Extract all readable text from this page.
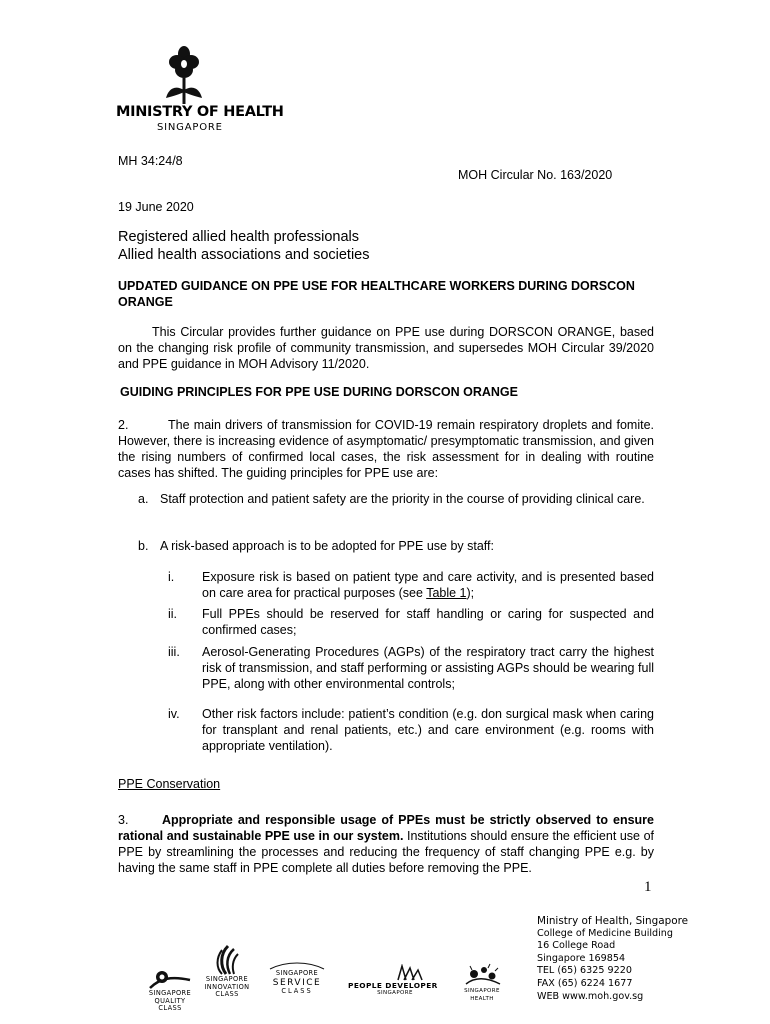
MINISTRY OF HEALTH
SINGAPORE
MH 34:24/8
MOH Circular No. 163/2020
19 June 2020
Registered allied health professionals
Allied health associations and societies
UPDATED GUIDANCE ON PPE USE FOR HEALTHCARE WORKERS DURING DORSCON ORANGE
This Circular provides further guidance on PPE use during DORSCON ORANGE, based on the changing risk profile of community transmission, and supersedes MOH Circular 39/2020 and PPE guidance in MOH Advisory 11/2020.
GUIDING PRINCIPLES FOR PPE USE DURING DORSCON ORANGE
2.	The main drivers of transmission for COVID-19 remain respiratory droplets and fomite. However, there is increasing evidence of asymptomatic/ presymptomatic transmission, and given the rising numbers of confirmed local cases, the risk assessment for in dealing with routine cases has shifted. The guiding principles for PPE use are:
a. Staff protection and patient safety are the priority in the course of providing clinical care.
b. A risk-based approach is to be adopted for PPE use by staff:
i. Exposure risk is based on patient type and care activity, and is presented based on care area for practical purposes (see Table 1);
ii. Full PPEs should be reserved for staff handling or caring for suspected and confirmed cases;
iii. Aerosol-Generating Procedures (AGPs) of the respiratory tract carry the highest risk of transmission, and staff performing or assisting AGPs should be wearing full PPE, along with other environmental controls;
iv. Other risk factors include: patient’s condition (e.g. don surgical mask when caring for transplant and renal patients, etc.) and care environment (e.g. rooms with appropriate ventilation).
PPE Conservation
3.	Appropriate and responsible usage of PPEs must be strictly observed to ensure rational and sustainable PPE use in our system. Institutions should ensure the efficient use of PPE by streamlining the processes and reducing the frequency of staff changing PPE e.g. by having the same staff in PPE complete all duties before removing the PPE.
1
Ministry of Health, Singapore
College of Medicine Building
16 College Road
Singapore 169854
TEL (65) 6325 9220
FAX (65) 6224 1677
WEB www.moh.gov.sg
SINGAPORE
QUALITY CLASS
SINGAPORE
INNOVATION
CLASS
SINGAPORE
SERVICE
CLASS
PEOPLE DEVELOPER
SINGAPORE	SINGAPORE HEALTH
